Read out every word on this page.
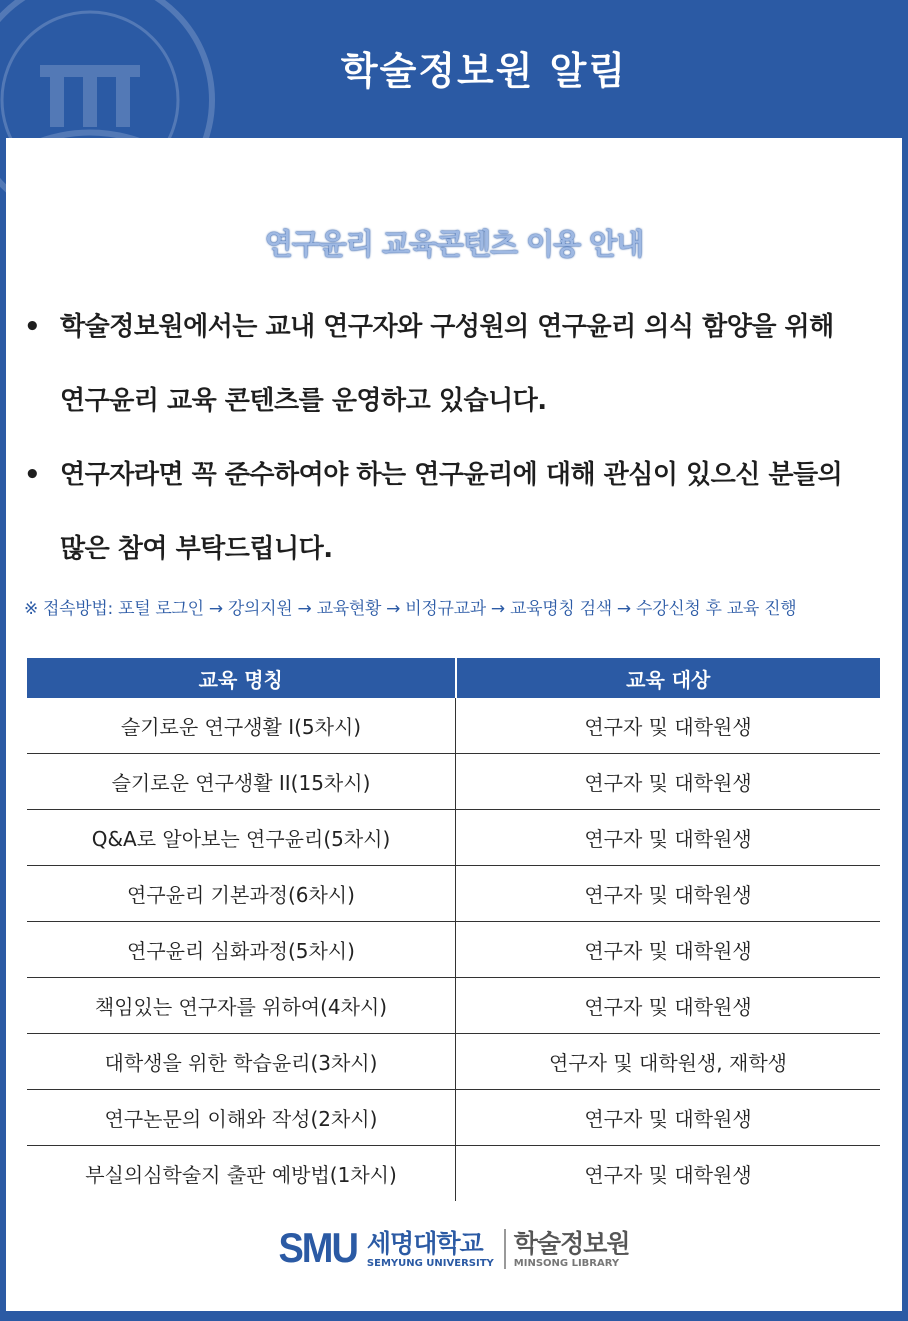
학술정보원 알림
연구윤리 교육콘텐츠 이용 안내
• 학술정보원에서는 교내 연구자와 구성원의 연구윤리 의식 함양을 위해
연구윤리 교육 콘텐츠를 운영하고 있습니다.
• 연구자라면 꼭 준수하여야 하는 연구윤리에 대해 관심이 있으신 분들의
많은 참여 부탁드립니다.
※ 접속방법: 포털 로그인 → 강의지원 → 교육현황 → 비정규교과 → 교육명칭 검색 → 수강신청 후 교육 진행
교육 명칭	교육 대상
슬기로운 연구생활 I(5차시)	연구자 및 대학원생
슬기로운 연구생활 II(15차시)	연구자 및 대학원생
Q&A로 알아보는 연구윤리(5차시)	연구자 및 대학원생
연구윤리 기본과정(6차시)	연구자 및 대학원생
연구윤리 심화과정(5차시)	연구자 및 대학원생
책임있는 연구자를 위하여(4차시)	연구자 및 대학원생
대학생을 위한 학습윤리(3차시)	연구자 및 대학원생, 재학생
연구논문의 이해와 작성(2차시)	연구자 및 대학원생
부실의심학술지 출판 예방법(1차시)	연구자 및 대학원생
SMU 세명대학교
SEMYUNG UNIVERSITY
학술정보원
MINSONG LIBRARY
